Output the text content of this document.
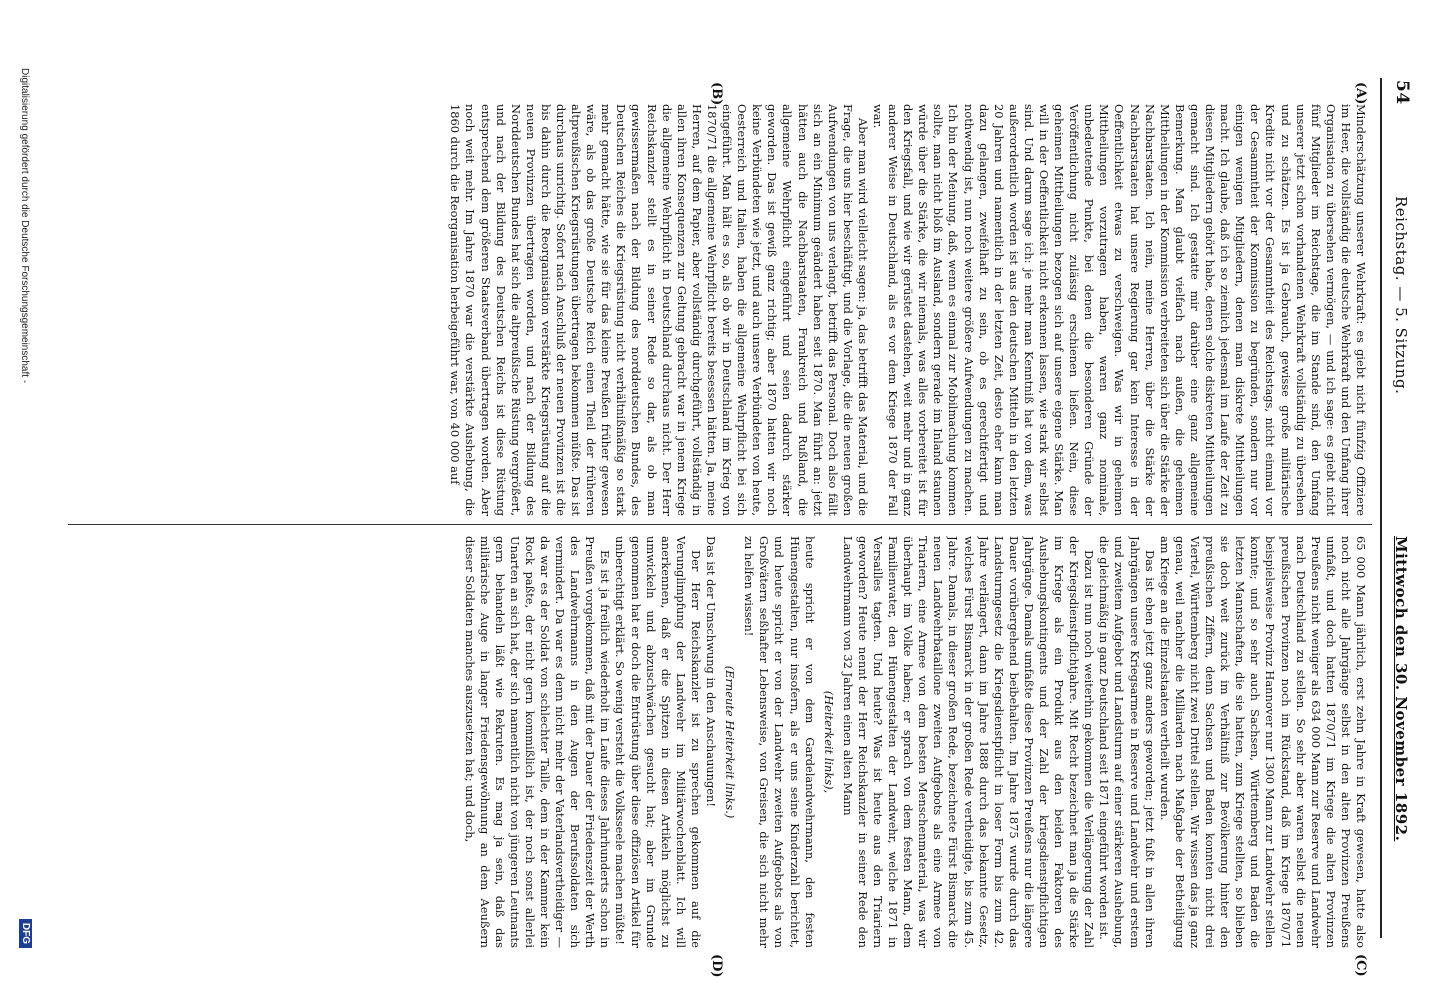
54
Reichstag. — 5. Sitzung.
Mittwoch den 30. November 1892.
(A)
(B)
(C)
(D)

Minderschätzung unserer Wehrkraft: es giebt nicht fünfzig Offiziere im Heer, die vollständig die deutsche Wehrkraft und den Umfang ihrer Organisation zu übersehen vermögen, — und ich sage: es giebt nicht fünf Mitglieder im Reichstage, die im Stande sind, den Umfang unserer jetzt schon vorhandenen Wehrkraft vollständig zu übersehen und zu schätzen. Es ist ja Gebrauch, gewisse große militärische Kredite nicht vor der Gesammtheit des Reichstags, nicht einmal vor der Gesammtheit der Kommission zu begründen, sondern nur vor einigen wenigen Mitgliedern, denen man diskrete Mittheilungen macht. Ich glaube, daß ich so ziemlich jedesmal im Laufe der Zeit zu diesen Mitgliedern gehört habe, denen solche diskreten Mittheilungen gemacht sind. Ich gestatte mir darüber eine ganz allgemeine Bemerkung. Man glaubt vielfach nach außen, die geheimen Mittheilungen in der Kommission verbreiteten sich über die Stärke der Nachbarstaaten. Ich nein, meine Herren, über die Stärke der Nachbarstaaten hat unsere Regierung gar kein Interesse in der Oeffentlichkeit etwas zu verschweigen. Was wir in geheimen Mittheilungen vorzutragen haben, waren ganz nominale, unbedeutende Punkte, bei denen die besonderen Gründe der Veröffentlichung nicht zulässig erschienen ließen. Nein, diese geheimen Mittheilungen bezogen sich auf unsere eigene Stärke. Man will in der Oeffentlichkeit nicht erkennen lassen, wie stark wir selbst sind. Und darum sage ich: je mehr man Kenntniß hat von dem, was außerordentlich worden ist aus den deutschen Mitteln in den letzten 20 Jahren und namentlich in der letzten Zeit, desto eher kann man dazu gelangen, zweifelhaft zu sein, ob es gerechtfertigt und nothwendig ist, nun noch weitere größere Aufwendungen zu machen. Ich bin der Meinung, daß, wenn es einmal zur Mobilmachung kommen sollte, man nicht bloß im Ausland, sondern gerade im Inland staunen würde über die Stärke, die wir niemals, was alles vorbereitet ist für den Kriegsfall, und wie wir gerüstet dastehen, weit mehr und in ganz anderer Weise in Deutschland, als es vor dem Kriege 1870 der Fall war.

Aber man wird vielleicht sagen: ja, das betrifft das Material, und die Frage, die uns hier beschäftigt, und die Vorlage, die die neuen großen Aufwendungen von uns verlangt, betrifft das Personal. Doch also fällt sich an ein Minimum geändert haben seit 1870. Man führt an: jetzt hätten auch die Nachbarstaaten, Frankreich und Rußland, die allgemeine Wehrpflicht eingeführt und seien dadurch stärker geworden. Das ist gewiß ganz richtig; aber 1870 hatten wir noch keine Verbündeten wie jetzt, und auch unsere Verbündeten von heute, Oesterreich und Italien, haben die allgemeine Wehrpflicht bei sich eingeführt. Man hält es so, als ob wir in Deutschland im Krieg von 1870/71 die allgemeine Wehrpflicht bereits besessen hätten. Ja, meine Herren, auf dem Papier, aber vollständig durchgeführt, vollständig in allen ihren Konsequenzen zur Geltung gebracht war in jenem Kriege die allgemeine Wehrpflicht in Deutschland durchaus nicht. Der Herr Reichskanzler stellt es in seiner Rede so dar, als ob man gewissermaßen nach der Bildung des norddeutschen Bundes, des Deutschen Reiches die Kriegsrüstung nicht verhältnißmäßig so stark mehr gemacht hätte, wie sie für das kleine Preußen früher gewesen wäre, als ob das große Deutsche Reich einen Theil der früheren altpreußischen Kriegsrüstungen übertragen bekommen müßte. Das ist durchaus unrichtig. Sofort nach Anschluß der neuen Provinzen ist die bis dahin durch die Reorganisation verstärkte Kriegsrüstung auf die neuen Provinzen übertragen worden, und nach der Bildung des Norddeutschen Bundes hat sich die altpreußische Rüstung vergrößert, und nach der Bildung des Deutschen Reichs ist diese Rüstung entsprechend dem größeren Staatsverband übertragen worden. Aber noch weit mehr. Im Jahre 1870 war die verstärkte Aushebung, die 1860 durch die Reorganisation herbeigeführt war, von 40 000 auf

65 000 Mann jährlich, erst zehn Jahre in Kraft gewesen, hatte also noch nicht alle Jahrgänge selbst in den alten Provinzen Preußens umfaßt, und doch hatten 1870/71 im Kriege die alten Provinzen Preußens nicht weniger als 634 000 Mann zur Reserve und Landwehr nach Deutschland zu stellen. So sehr aber waren selbst die neuen preußischen Provinzen noch im Rückstand, daß im Kriege 1870/71 beispielsweise Provinz Hannover nur 1300 Mann zur Landwehr stellen konnte; und so sehr auch Sachsen, Württemberg und Baden die letzten Mannschaften, die sie hatten, zum Kriege stellten, so blieben sie doch weit zurück im Verhältniß zur Bevölkerung hinter den preußischen Ziffern, denn Sachsen und Baden konnten nicht drei Viertel, Württemberg nicht zwei Drittel stellen. Wir wissen das ja ganz genau, weil nachher die Milliarden nach Maßgabe der Betheiligung am Kriege an die Einzelstaaten vertheilt wurden.

Das ist eben jetzt ganz anders geworden; jetzt fußt in allen ihren Jahrgängen unsere Kriegsarmee in Reserve und Landwehr und erstem und zweitem Aufgebot und Landsturm auf einer stärkeren Aushebung, die gleichmäßig in ganz Deutschland seit 1871 eingeführt worden ist.

Dazu ist nun noch weiterhin gekommen die Verlängerung der Zahl der Kriegsdienstpflichtjahre. Mit Recht bezeichnet man ja die Stärke im Kriege als ein Produkt aus den beiden Faktoren des Aushebungskontingents und der Zahl der kriegsdienstpflichtigen Jahrgänge. Damals umfaßte diese Provinzen Preußens nur die längere Dauer vorübergehend beibehalten. Im Jahre 1875 wurde durch das Landsturmgesetz die Kriegsdienstpflicht in loser Form bis zum 42. Jahre verlängert, dann im Jahre 1888 durch das bekannte Gesetz, welches Fürst Bismarck in der großen Rede vertheidigte, bis zum 45. Jahre. Damals, in dieser großen Rede, bezeichnete Fürst Bismarck die neuen Landwehrbataillone zweiten Aufgebots als eine Armee von Triariern, eine Armee von dem besten Menschenmaterial, was wir überhaupt im Volke haben; er sprach von dem festen Mann, dem Familienvater, den Hünengestalten der Landwehr, welche 1871 in Versailles tagten. Und heute? Was ist heute aus den Triariern geworden? Heute nennt der Herr Reichskanzler in seiner Rede den Landwehrmann von 32 Jahren einen alten Mann

(Heiterkeit links),

heute spricht er von dem Gardelandwehrmann, den festen Hünengestalten, nur insofern, als er uns seine Kinderzahl berichtet, und heute spricht er von der Landwehr zweiten Aufgebots als von Großvätern seßhafter Lebensweise, von Greisen, die sich nicht mehr zu helfen wissen!

(Erneute Heiterkeit links.)

Das ist der Umschwung in den Anschauungen!

Der Herr Reichskanzler ist zu sprechen gekommen auf die Verunglimpfung der Landwehr im Militärwochenblatt. Ich will anerkennen, daß er die Spitzen in diesen Artikeln möglichst zu umwickeln und abzuschwächen gesucht hat; aber im Grunde genommen hat er doch die Entrüstung über diese offiziösen Artikel für unberechtigt erklärt. So wenig versteht die Volksseele machen müßte!

Es ist ja freilich wiederholt im Laufe dieses Jahrhunderts schon in Preußen vorgekommen, daß mit der Dauer der Friedenszeit der Werth des Landwehrmanns in den Augen der Berufssoldaten sich vermindert. Da war es denn nicht mehr der Vaterlandsvertheidiger — da war es der Soldat von schlechter Taille, dem in der Kammer kein Rock paßte, der nicht gern kommißlich ist, der noch sonst allerlei Unarten an sich hat, der sich namentlich nicht von jüngeren Leutnants gern behandeln läßt wie Rekruten. Es mag ja sein, daß das militärische Auge in langer Friedensgewöhnung an dem Aeußern dieser Soldaten manches auszusetzen hat; und doch,

Digitalisierung gefördert durch die Deutsche Forschungsgemeinschaft -
DFG
